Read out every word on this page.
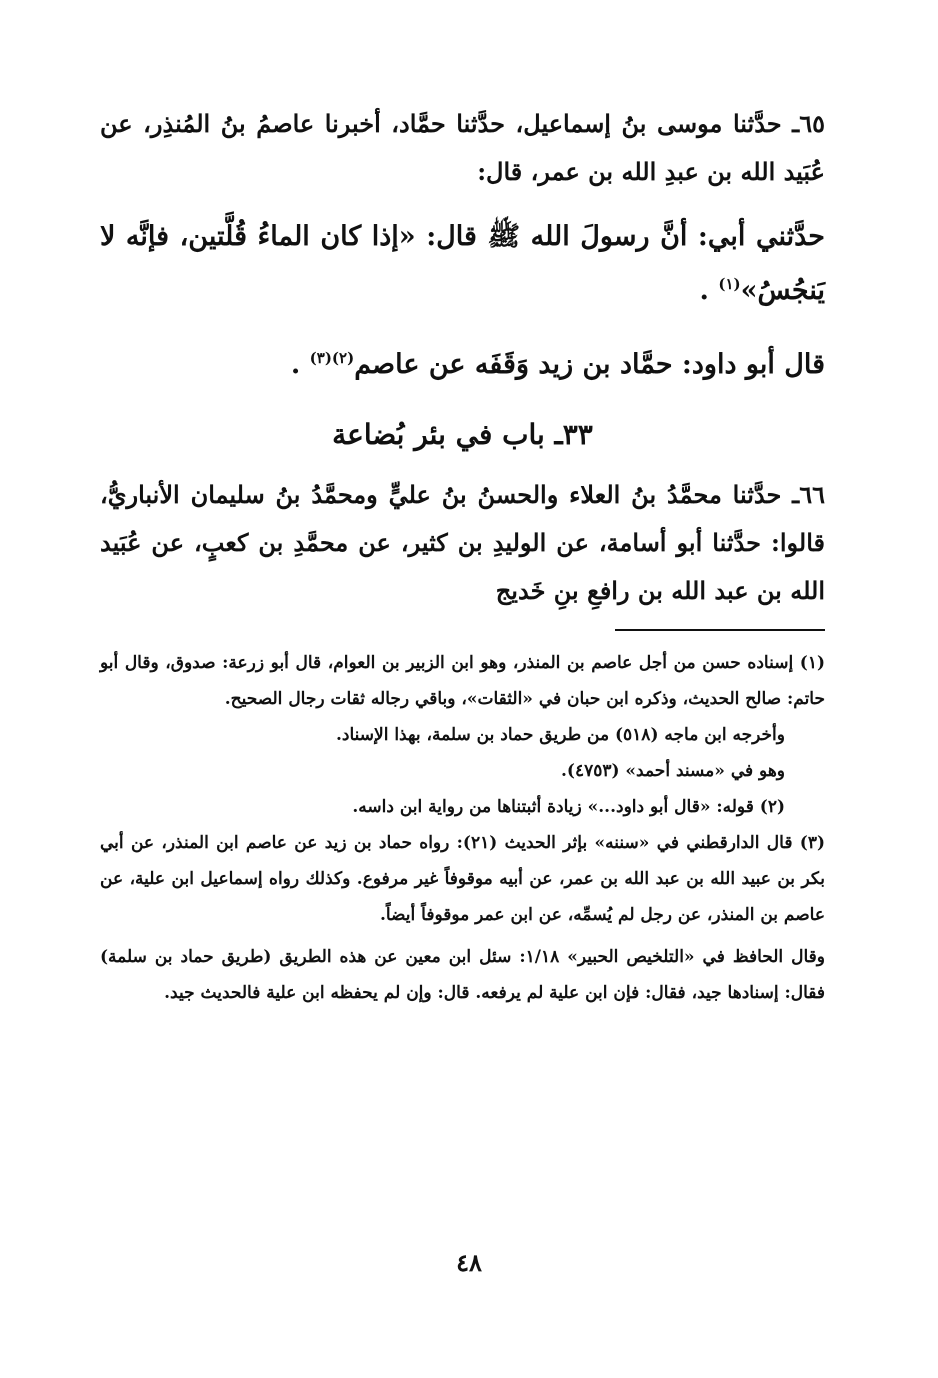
٦٥ـ حدَّثنا موسى بنُ إسماعيل، حدَّثنا حمَّاد، أخبرنا عاصمُ بنُ المُنذِر، عن عُبَيد الله بن عبدِ الله بن عمر، قال:

حدَّثني أبي: أنَّ رسولَ الله ﷺ قال: «إذا كان الماءُ قُلَّتين، فإنَّه لا يَنجُسُ»$^{(١)}$ .

قال أبو داود: حمَّاد بن زيد وَقَفَه عن عاصم$^{(٢)(٣)}$ .

٣٣ـ باب في بئر بُضاعة

٦٦ـ حدَّثنا محمَّدُ بنُ العلاء والحسنُ بنُ عليٍّ ومحمَّدُ بنُ سليمان الأنباريُّ، قالوا: حدَّثنا أبو أسامة، عن الوليدِ بن كثير، عن محمَّدِ بن كعبٍ، عن عُبَيد الله بن عبد الله بن رافعِ بنِ خَديج

(١) إسناده حسن من أجل عاصم بن المنذر، وهو ابن الزبير بن العوام، قال أبو زرعة: صدوق، وقال أبو حاتم: صالح الحديث، وذكره ابن حبان في «الثقات»، وباقي رجاله ثقات رجال الصحيح.

وأخرجه ابن ماجه (٥١٨) من طريق حماد بن سلمة، بهذا الإسناد.

وهو في «مسند أحمد» (٤٧٥٣).

(٢) قوله: «قال أبو داود...» زيادة أثبتناها من رواية ابن داسه.

(٣) قال الدارقطني في «سننه» بإثر الحديث (٢١): رواه حماد بن زيد عن عاصم ابن المنذر، عن أبي بكر بن عبيد الله بن عبد الله بن عمر، عن أبيه موقوفاً غير مرفوع. وكذلك رواه إسماعيل ابن علية، عن عاصم بن المنذر، عن رجل لم يُسمِّه، عن ابن عمر موقوفاً أيضاً.

وقال الحافظ في «التلخيص الحبير» ١/١٨: سئل ابن معين عن هذه الطريق (طريق حماد بن سلمة) فقال: إسنادها جيد، فقال: فإن ابن علية لم يرفعه. قال: وإن لم يحفظه ابن علية فالحديث جيد.

٤٨
